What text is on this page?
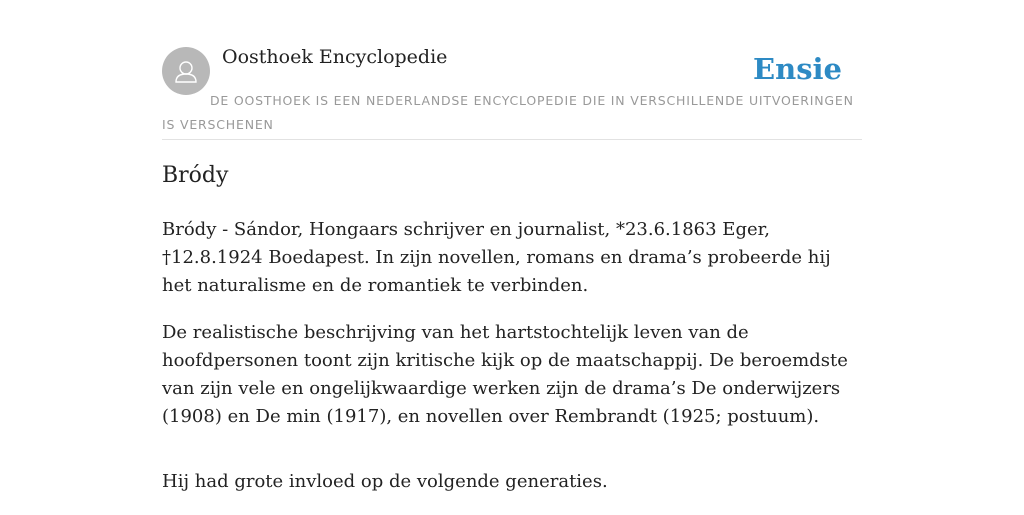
Oosthoek Encyclopedie	Ensie
DE OOSTHOEK IS EEN NEDERLANDSE ENCYCLOPEDIE DIE IN VERSCHILLENDE UITVOERINGEN IS VERSCHENEN
Bródy

Bródy - Sándor, Hongaars schrijver en journalist, *23.6.1863 Eger, †12.8.1924 Boedapest. In zijn novellen, romans en drama’s probeerde hij het naturalisme en de romantiek te verbinden.

De realistische beschrijving van het hartstochtelijk leven van de hoofdpersonen toont zijn kritische kijk op de maatschappij. De beroemdste van zijn vele en ongelijkwaardige werken zijn de drama’s De onderwijzers (1908) en De min (1917), en novellen over Rembrandt (1925; postuum).

Hij had grote invloed op de volgende generaties.
